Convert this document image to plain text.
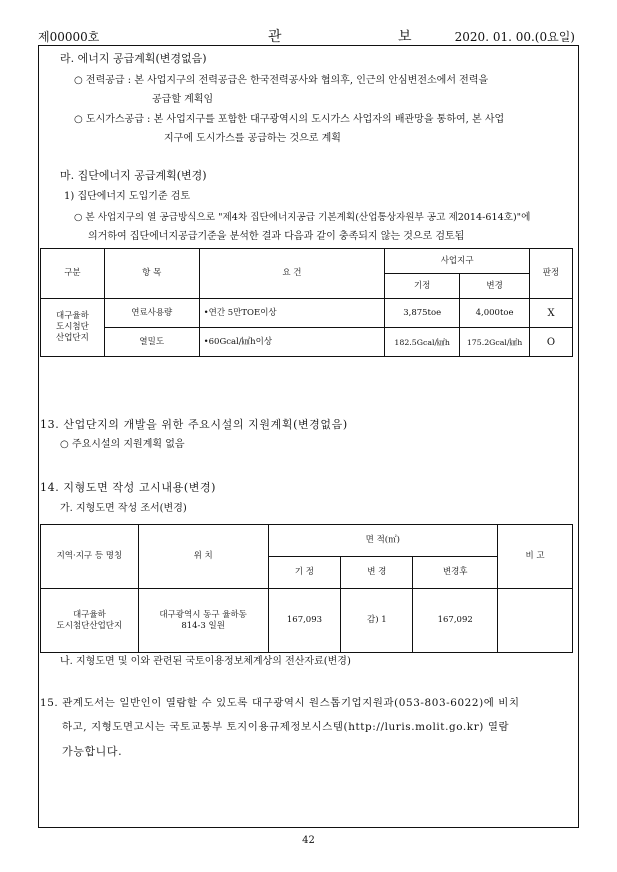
제00000호	관 보
2020. 01. 00.(0요일)
라. 에너지 공급계획(변경없음)
○ 전력공급 : 본 사업지구의 전력공급은 한국전력공사와 협의후, 인근의 안심변전소에서 전력을
공급할 계획임
○ 도시가스공급 : 본 사업지구를 포함한 대구광역시의 도시가스 사업자의 배관망을 통하여, 본 사업
지구에 도시가스를 공급하는 것으로 계획
마. 집단에너지 공급계획(변경)
1) 집단에너지 도입기준 검토
○ 본 사업지구의 열 공급방식으로 "제4차 집단에너지공급 기본계획(산업통상자원부 공고 제2014-614호)"에
의거하여 집단에너지공급기준을 분석한 결과 다음과 같이 충족되지 않는 것으로 검토됨
구분	항 목	요 건	사업지구		판정
			기정	변경	
대구율하
도시첨단
산업단지	연료사용량	•연간 5만TOE이상	3,875toe	4,000toe	X
	열밀도	•60Gcal/㎢h이상	182.5Gcal/㎢h	175.2Gcal/㎢h	O
13. 산업단지의 개발을 위한 주요시설의 지원계획(변경없음)
○ 주요시설의 지원계획 없음
14. 지형도면 작성 고시내용(변경)
가. 지형도면 작성 조서(변경)
지역·지구 등 명칭	위 치	면 적(㎡)			비 고
		기 정	변 경	변경후	
대구율하
도시첨단산업단지	대구광역시 동구 율하동
814-3 일원	167,093	감) 1	167,092	
나. 지형도면 및 이와 관련된 국토이용정보체계상의 전산자료(변경)
15. 관계도서는 일반인이 열람할 수 있도록 대구광역시 원스톱기업지원과(053-803-6022)에 비치
하고, 지형도면고시는 국토교통부 토지이용규제정보시스템(http://luris.molit.go.kr) 열람
가능합니다.
42
